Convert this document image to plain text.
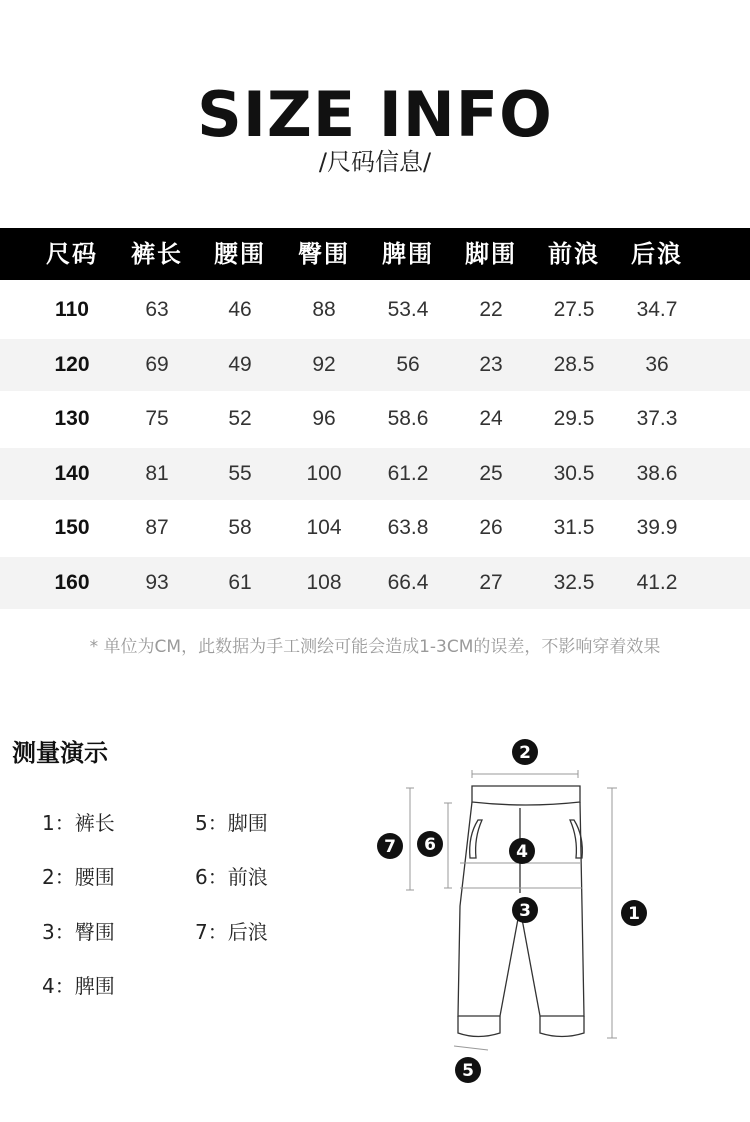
SIZE INFO
/尺码信息/
尺码	裤长	腰围	臀围	脾围	脚围	前浪	后浪
110	63	46	88	53.4	22	27.5	34.7
120	69	49	92	56	23	28.5	36
130	75	52	96	58.6	24	29.5	37.3
140	81	55	100	61.2	25	30.5	38.6
150	87	58	104	63.8	26	31.5	39.9
160	93	61	108	66.4	27	32.5	41.2
* 单位为CM，此数据为手工测绘可能会造成1-3CM的误差，不影响穿着效果
测量演示
1：裤长
2：腰围
3：臀围
4：脾围
5：脚围
6：前浪
7：后浪
1
2
3
4
5
6
7
